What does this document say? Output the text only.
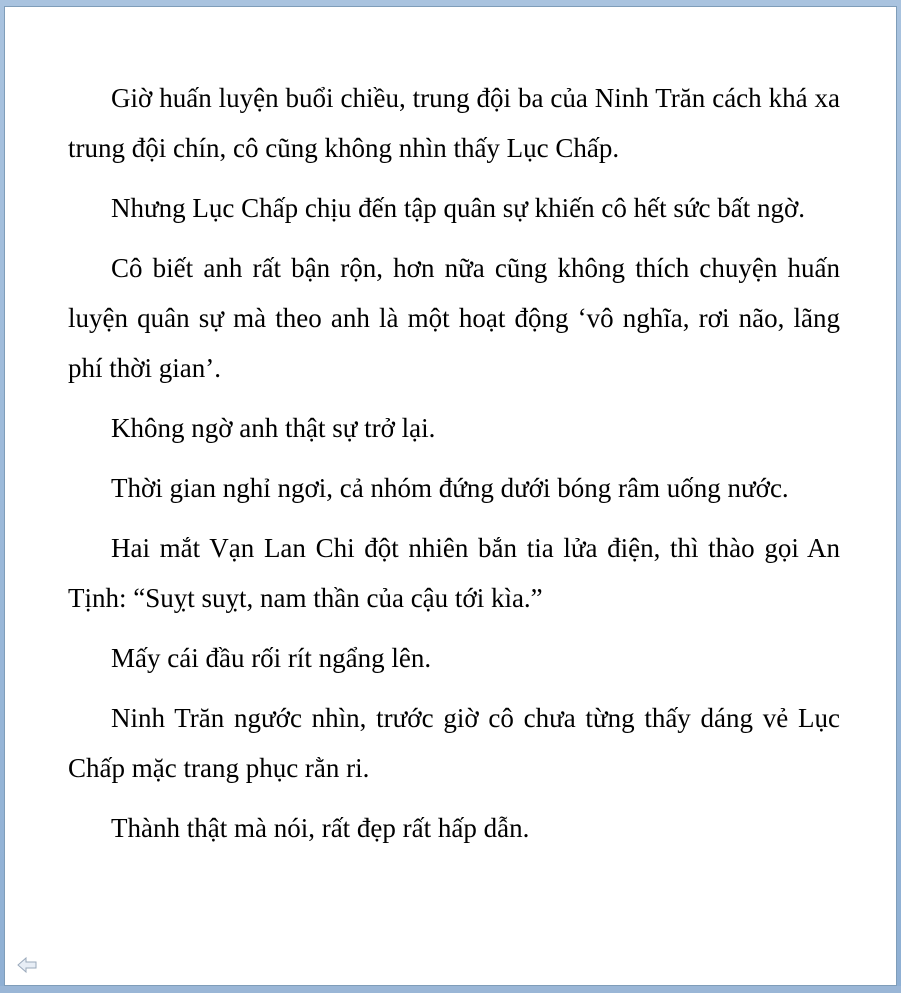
Giờ huấn luyện buổi chiều, trung đội ba của Ninh Trăn cách khá xa trung đội chín, cô cũng không nhìn thấy Lục Chấp.

Nhưng Lục Chấp chịu đến tập quân sự khiến cô hết sức bất ngờ.

Cô biết anh rất bận rộn, hơn nữa cũng không thích chuyện huấn luyện quân sự mà theo anh là một hoạt động ‘vô nghĩa, rơi não, lãng phí thời gian’.

Không ngờ anh thật sự trở lại.

Thời gian nghỉ ngơi, cả nhóm đứng dưới bóng râm uống nước.

Hai mắt Vạn Lan Chi đột nhiên bắn tia lửa điện, thì thào gọi An Tịnh: “Suỵt suỵt, nam thần của cậu tới kìa.”

Mấy cái đầu rối rít ngẩng lên.

Ninh Trăn ngước nhìn, trước giờ cô chưa từng thấy dáng vẻ Lục Chấp mặc trang phục rằn ri.

Thành thật mà nói, rất đẹp rất hấp dẫn.
